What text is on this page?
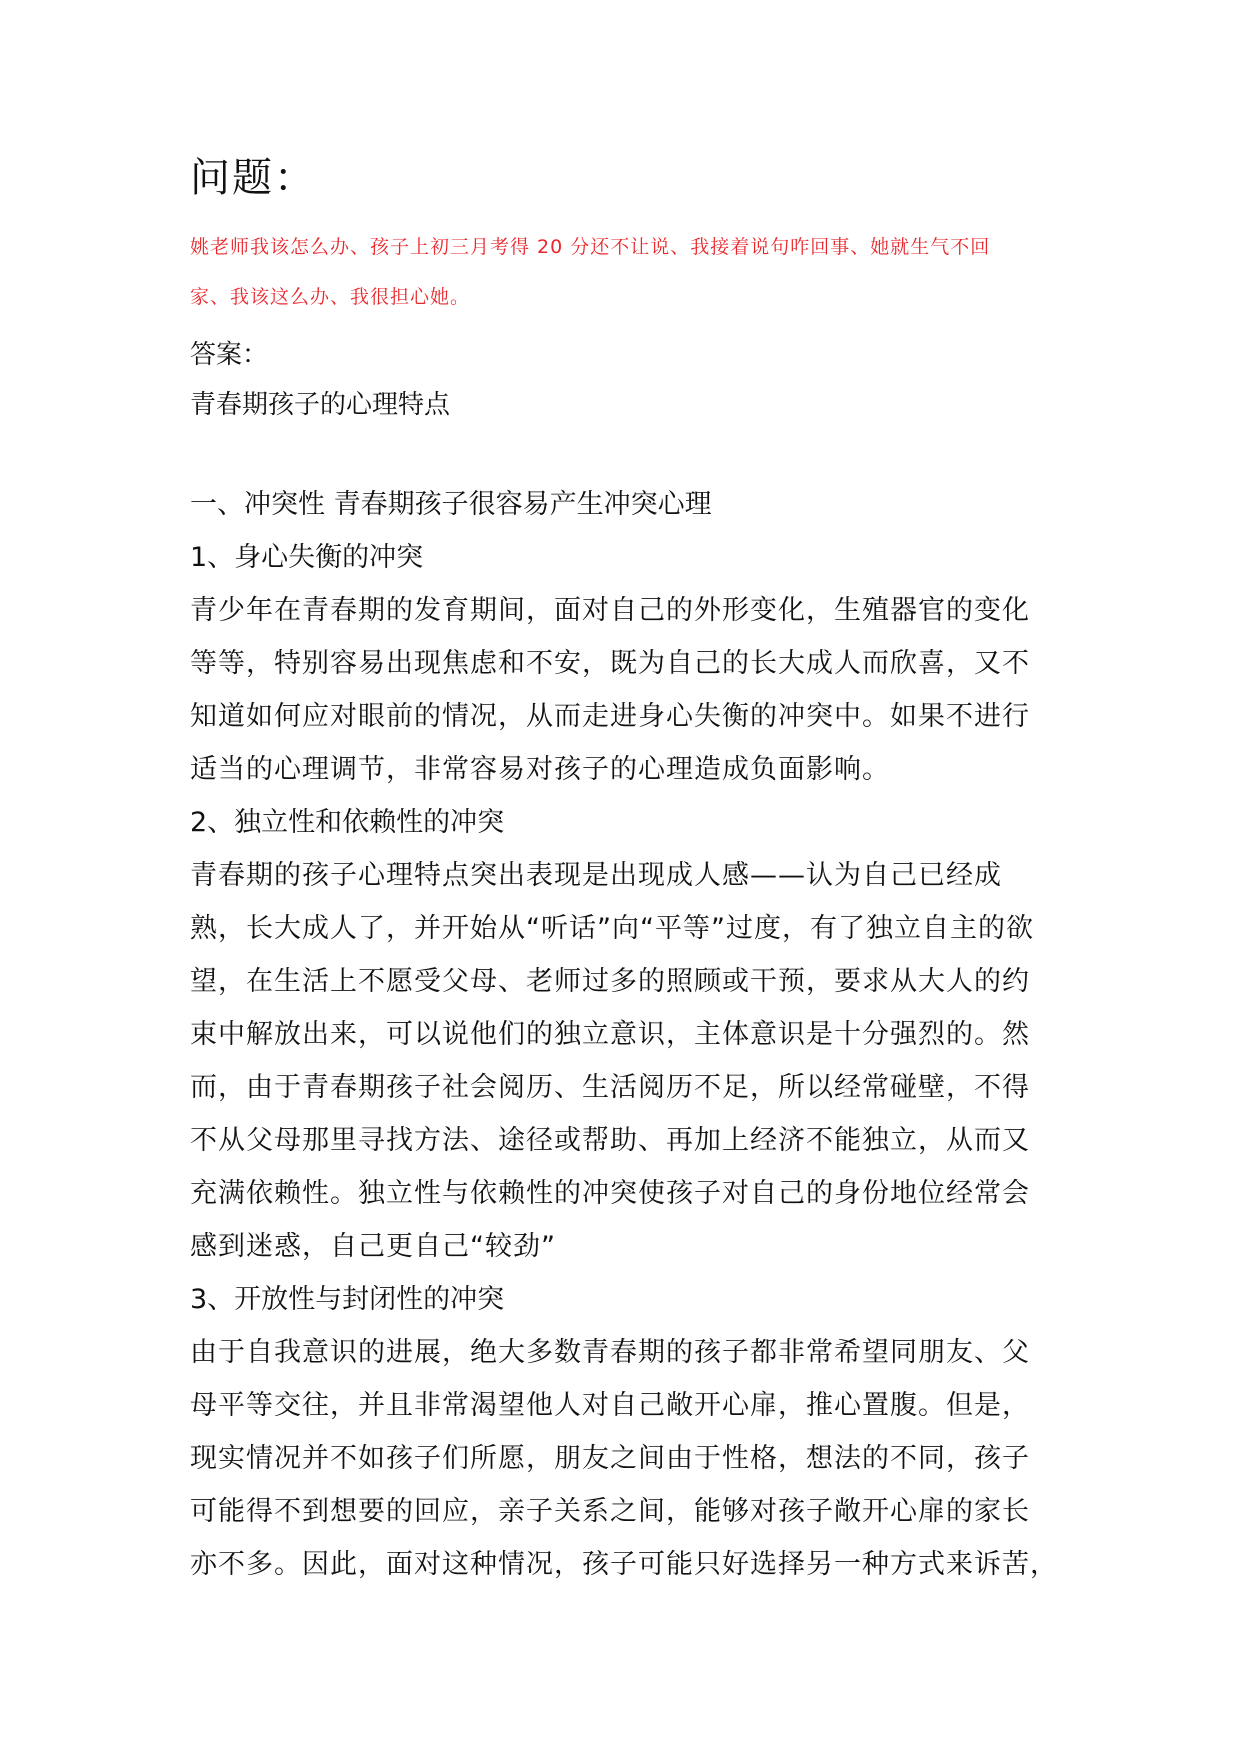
问题：
姚老师我该怎么办、孩子上初三月考得 20 分还不让说、我接着说句咋回事、她就生气不回
家、我该这么办、我很担心她。
答案：
青春期孩子的心理特点
一、冲突性 青春期孩子很容易产生冲突心理
1、身心失衡的冲突
青少年在青春期的发育期间，面对自己的外形变化，生殖器官的变化
等等，特别容易出现焦虑和不安，既为自己的长大成人而欣喜，又不
知道如何应对眼前的情况，从而走进身心失衡的冲突中。如果不进行
适当的心理调节，非常容易对孩子的心理造成负面影响。
2、独立性和依赖性的冲突
青春期的孩子心理特点突出表现是出现成人感——认为自己已经成
熟，长大成人了，并开始从“听话”向“平等”过度，有了独立自主的欲
望，在生活上不愿受父母、老师过多的照顾或干预，要求从大人的约
束中解放出来，可以说他们的独立意识，主体意识是十分强烈的。然
而，由于青春期孩子社会阅历、生活阅历不足，所以经常碰壁，不得
不从父母那里寻找方法、途径或帮助、再加上经济不能独立，从而又
充满依赖性。独立性与依赖性的冲突使孩子对自己的身份地位经常会
感到迷惑，自己更自己“较劲”
3、开放性与封闭性的冲突
由于自我意识的进展，绝大多数青春期的孩子都非常希望同朋友、父
母平等交往，并且非常渴望他人对自己敞开心扉，推心置腹。但是，
现实情况并不如孩子们所愿，朋友之间由于性格，想法的不同，孩子
可能得不到想要的回应，亲子关系之间，能够对孩子敞开心扉的家长
亦不多。因此，面对这种情况，孩子可能只好选择另一种方式来诉苦，
